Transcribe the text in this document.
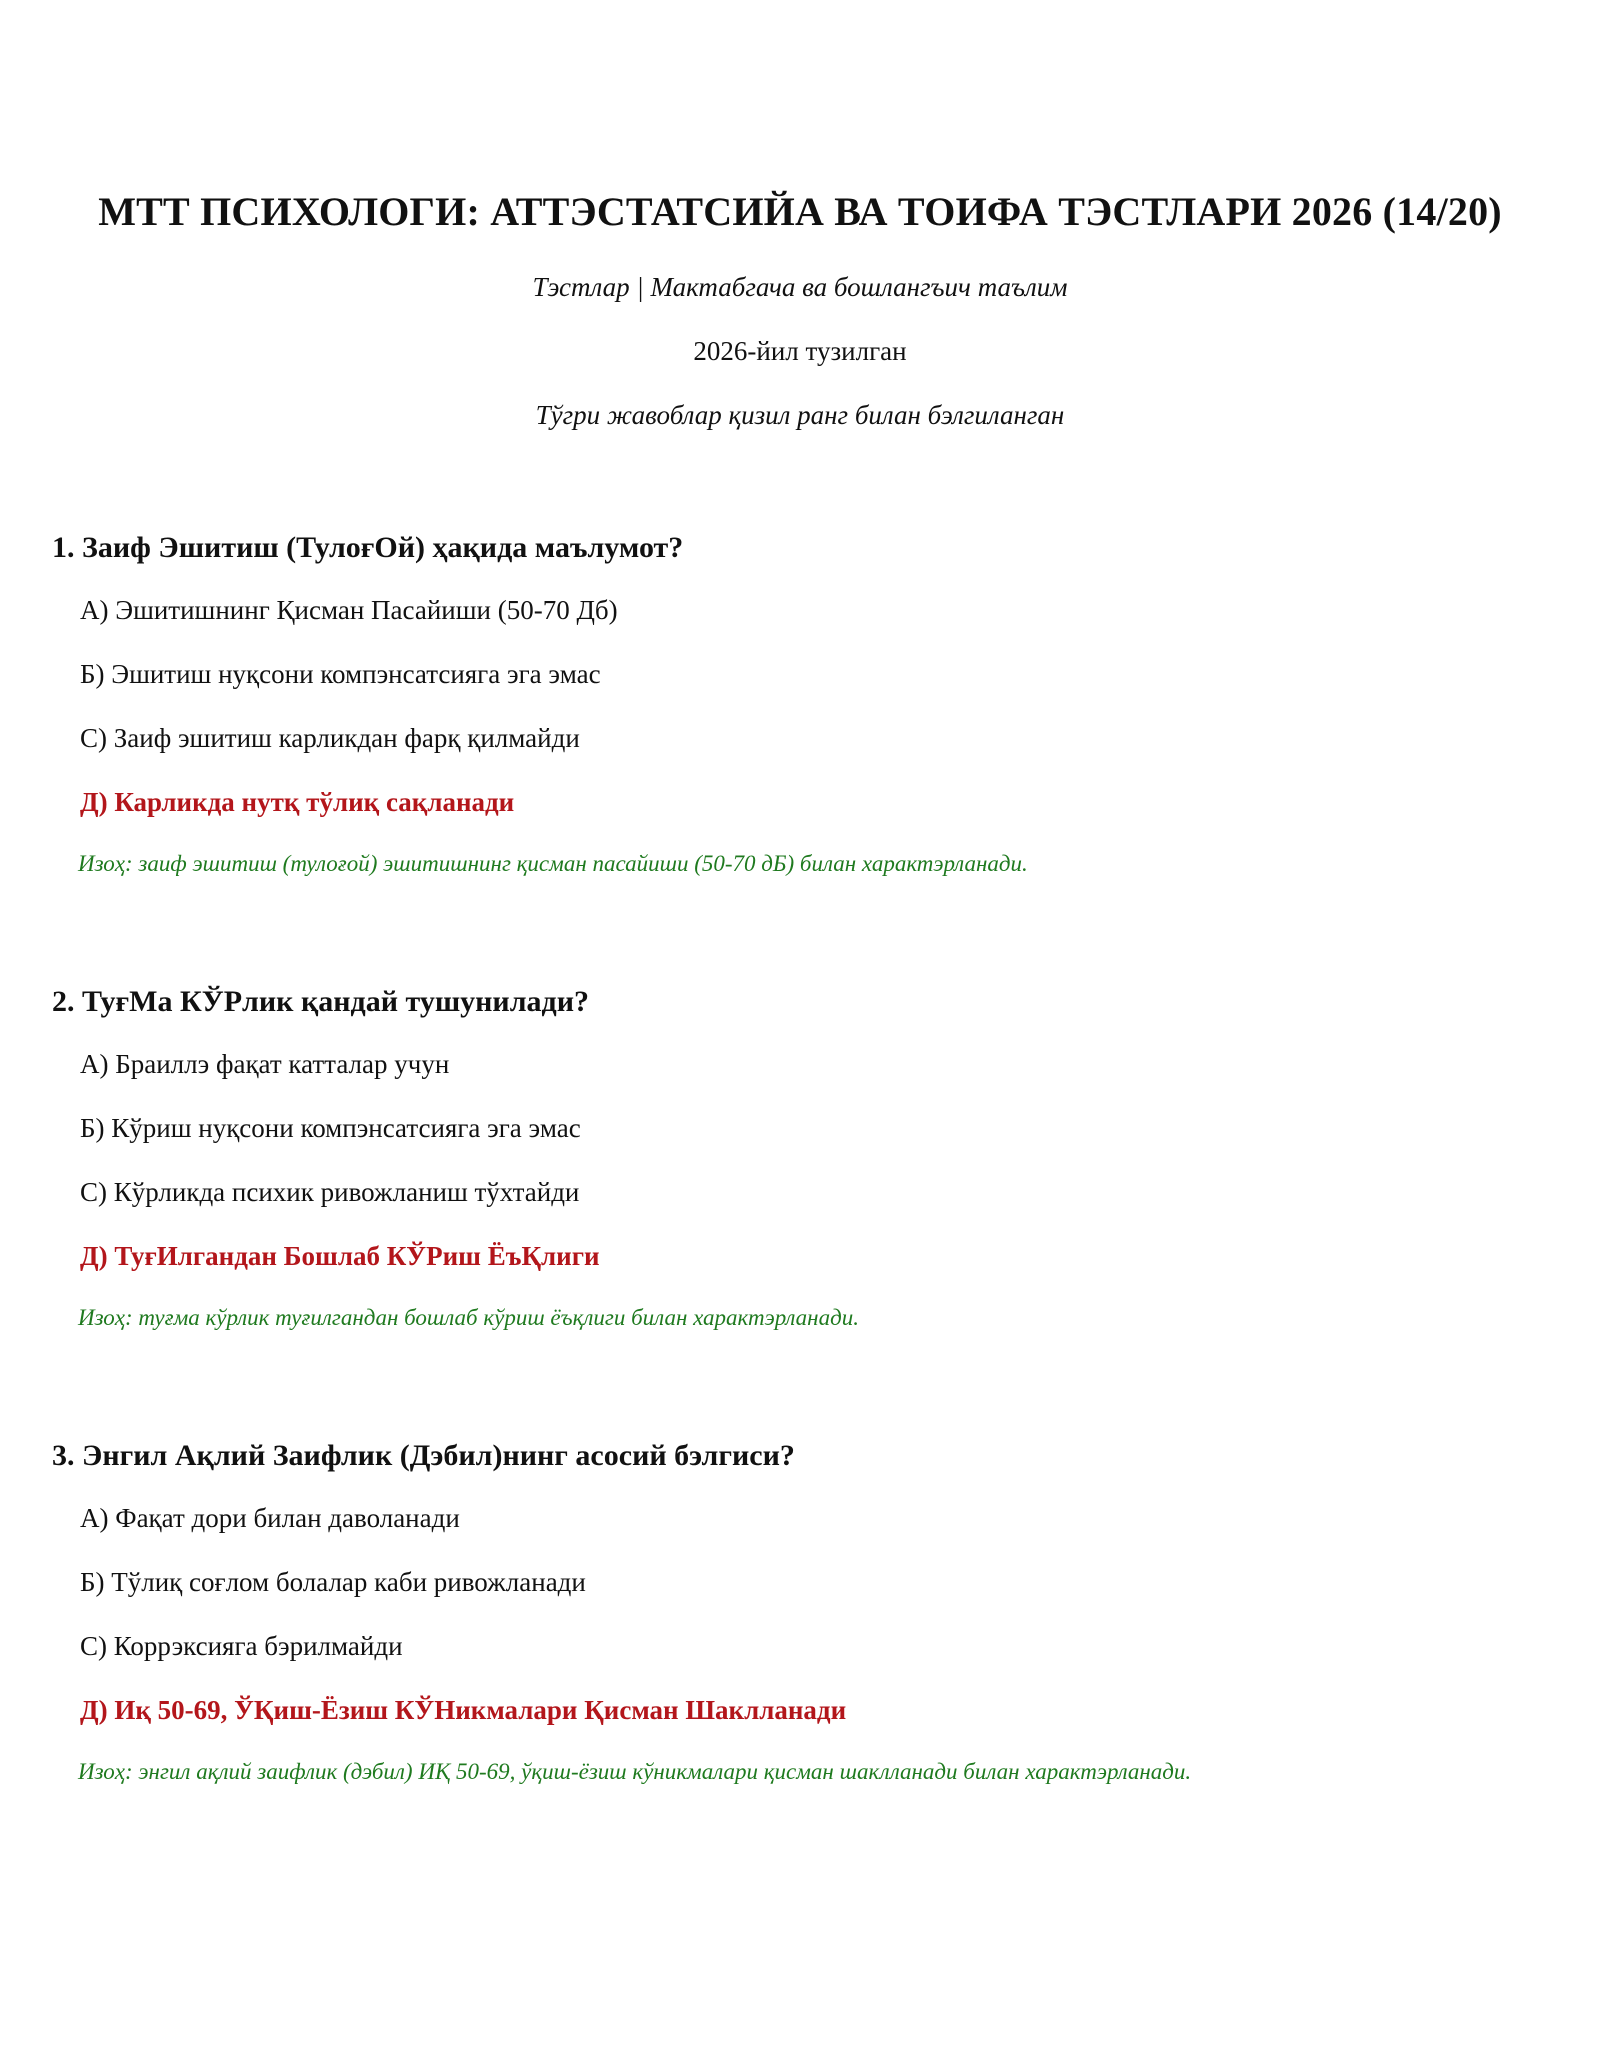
МТТ ПСИХОЛОГИ: АТТЭСТАТСИЙА ВА ТОИФА ТЭСТЛАРИ 2026 (14/20)
Тэстлар | Мактабгача ва бошлангъич таълим
2026-йил тузилган
Тўгри жавоблар қизил ранг билан бэлгиланган
1. Заиф Эшитиш (ТулоғОй) ҳақида маълумот?
А) Эшитишнинг Қисман Пасайиши (50-70 Дб)
Б) Эшитиш нуқсони компэнсатсияга эга эмас
С) Заиф эшитиш карликдан фарқ қилмайди
Д) Карликда нутқ тўлиқ сақланади
Изоҳ: заиф эшитиш (тулоғой) эшитишнинг қисман пасайиши (50-70 дБ) билан характэрланади.
2. ТуғМа КЎРлик қандай тушунилади?
А) Браиллэ фақат катталар учун
Б) Кўриш нуқсони компэнсатсияга эга эмас
С) Кўрликда психик ривожланиш тўхтайди
Д) ТуғИлгандан Бошлаб КЎРиш ЁъҚлиги
Изоҳ: туғма кўрлик туғилгандан бошлаб кўриш ёъқлиги билан характэрланади.
3. Энгил Ақлий Заифлик (Дэбил)нинг асосий бэлгиси?
А) Фақат дори билан даволанади
Б) Тўлиқ соғлом болалар каби ривожланади
С) Коррэксияга бэрилмайди
Д) Иқ 50-69, ЎҚиш-Ёзиш КЎНикмалари Қисман Шаклланади
Изоҳ: энгил ақлий заифлик (дэбил) ИҚ 50-69, ўқиш-ёзиш кўникмалари қисман шаклланади билан характэрланади.
